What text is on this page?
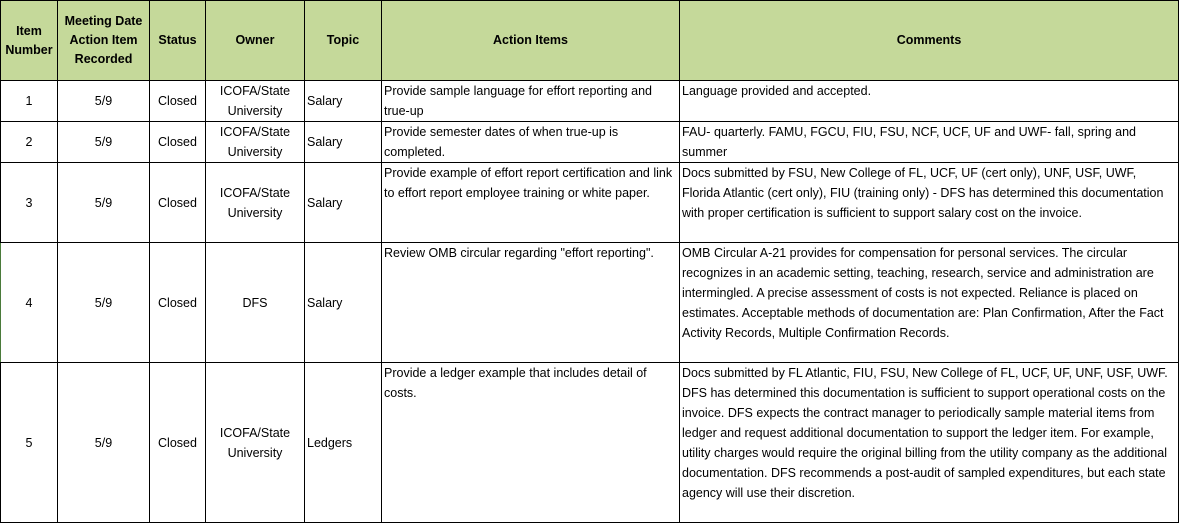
Item Number	Meeting Date Action Item Recorded	Status	Owner	Topic	Action Items	Comments
1	5/9	Closed	ICOFA/State University	Salary	Provide sample language for effort reporting and true-up	Language provided and accepted.
2	5/9	Closed	ICOFA/State University	Salary	Provide semester dates of when true-up is completed.	FAU- quarterly. FAMU, FGCU, FIU, FSU, NCF, UCF, UF and UWF- fall, spring and summer
3	5/9	Closed	ICOFA/State University	Salary	Provide example of effort report certification and link to effort report employee training or white paper.	Docs submitted by FSU, New College of FL, UCF, UF (cert only), UNF, USF, UWF, Florida Atlantic (cert only), FIU (training only) - DFS has determined this documentation with proper certification is sufficient to support salary cost on the invoice.
4	5/9	Closed	DFS	Salary	Review OMB circular regarding "effort reporting".	OMB Circular A-21 provides for compensation for personal services. The circular recognizes in an academic setting, teaching, research, service and administration are intermingled. A precise assessment of costs is not expected. Reliance is placed on estimates. Acceptable methods of documentation are: Plan Confirmation, After the Fact Activity Records, Multiple Confirmation Records.
5	5/9	Closed	ICOFA/State University	Ledgers	Provide a ledger example that includes detail of costs.	Docs submitted by FL Atlantic, FIU, FSU, New College of FL, UCF, UF, UNF, USF, UWF. DFS has determined this documentation is sufficient to support operational costs on the invoice. DFS expects the contract manager to periodically sample material items from ledger and request additional documentation to support the ledger item. For example, utility charges would require the original billing from the utility company as the additional documentation. DFS recommends a post-audit of sampled expenditures, but each state agency will use their discretion.
